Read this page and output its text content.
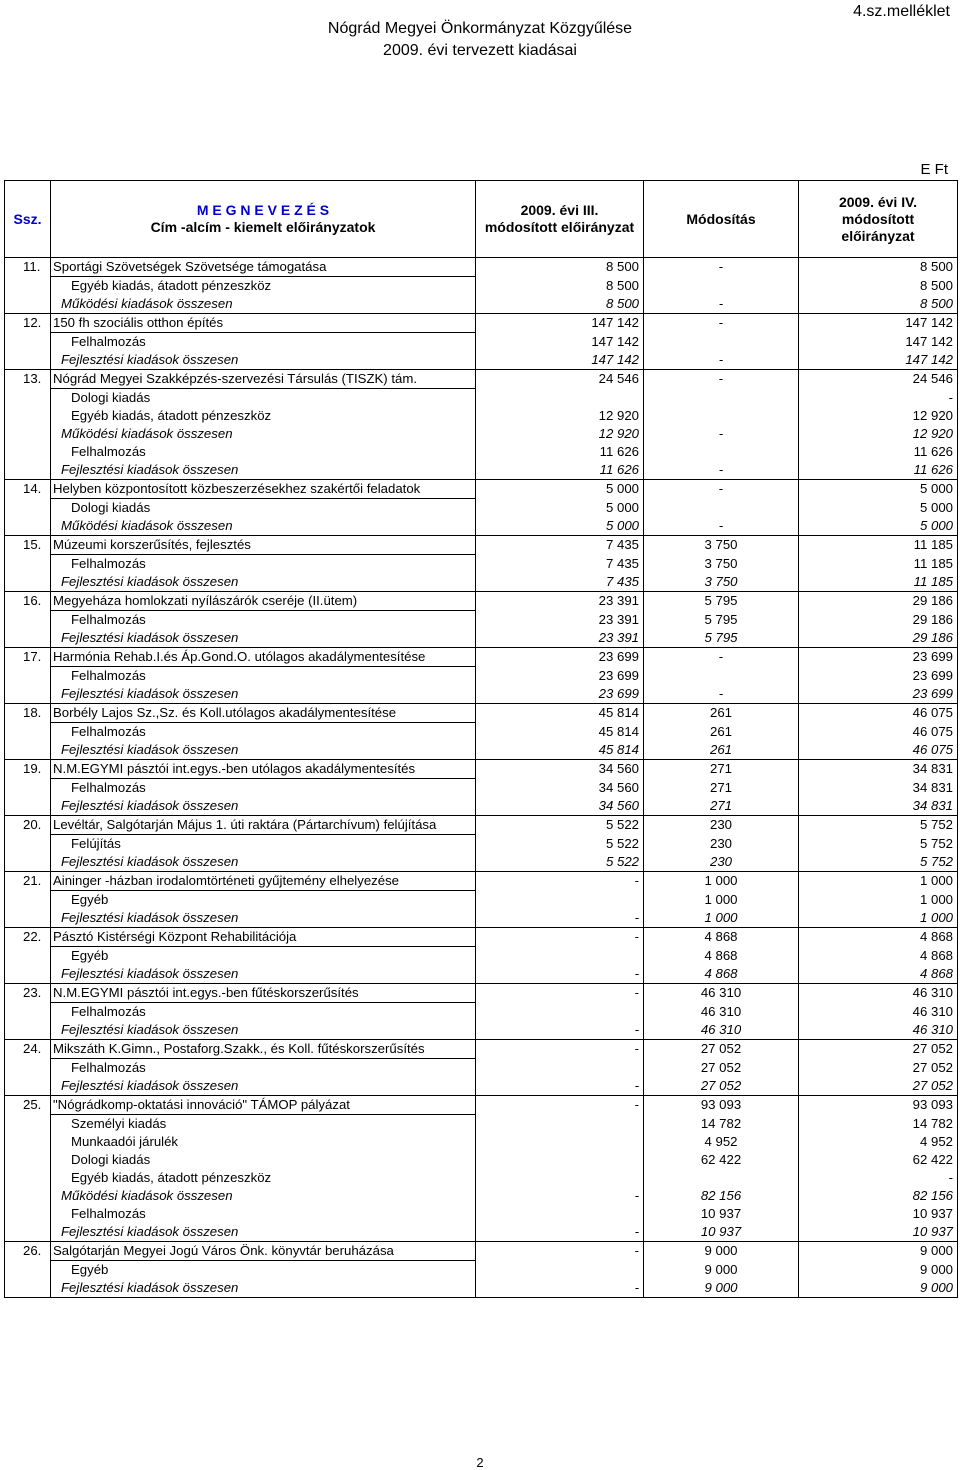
Nógrád Megyei Önkormányzat Közgyűlése
2009. évi tervezett kiadásai
4.sz.melléklet
E Ft
Ssz.	M E G N E V E Z É S
Cím -alcím - kiemelt előirányzatok	2009. évi III.
módosított előirányzat	Módosítás	2009. évi IV.
módosított
előirányzat
11.	Sportági Szövetségek Szövetsége támogatása	8 500	-	8 500
	Egyéb kiadás, átadott pénzeszköz	8 500		8 500
	Működési kiadások összesen	8 500	-	8 500
12.	150 fh szociális otthon építés	147 142	-	147 142
	Felhalmozás	147 142		147 142
	Fejlesztési kiadások összesen	147 142	-	147 142
13.	Nógrád Megyei Szakképzés-szervezési Társulás (TISZK) tám.	24 546	-	24 546
	Dologi kiadás			-
	Egyéb kiadás, átadott pénzeszköz	12 920		12 920
	Működési kiadások összesen	12 920	-	12 920
	Felhalmozás	11 626		11 626
	Fejlesztési kiadások összesen	11 626	-	11 626
14.	Helyben központosított közbeszerzésekhez szakértői feladatok	5 000	-	5 000
	Dologi kiadás	5 000		5 000
	Működési kiadások összesen	5 000	-	5 000
15.	Múzeumi korszerűsítés, fejlesztés	7 435	3 750	11 185
	Felhalmozás	7 435	3 750	11 185
	Fejlesztési kiadások összesen	7 435	3 750	11 185
16.	Megyeháza homlokzati nyílászárók cseréje (II.ütem)	23 391	5 795	29 186
	Felhalmozás	23 391	5 795	29 186
	Fejlesztési kiadások összesen	23 391	5 795	29 186
17.	Harmónia Rehab.I.és Áp.Gond.O. utólagos akadálymentesítése	23 699	-	23 699
	Felhalmozás	23 699		23 699
	Fejlesztési kiadások összesen	23 699	-	23 699
18.	Borbély Lajos Sz.,Sz. és Koll.utólagos akadálymentesítése	45 814	261	46 075
	Felhalmozás	45 814	261	46 075
	Fejlesztési kiadások összesen	45 814	261	46 075
19.	N.M.EGYMI pásztói int.egys.-ben utólagos akadálymentesítés	34 560	271	34 831
	Felhalmozás	34 560	271	34 831
	Fejlesztési kiadások összesen	34 560	271	34 831
20.	Levéltár, Salgótarján Május 1. úti raktára (Pártarchívum) felújítása	5 522	230	5 752
	Felújítás	5 522	230	5 752
	Fejlesztési kiadások összesen	5 522	230	5 752
21.	Aininger -házban irodalomtörténeti gyűjtemény elhelyezése	-	1 000	1 000
	Egyéb		1 000	1 000
	Fejlesztési kiadások összesen	-	1 000	1 000
22.	Pásztó Kistérségi Központ Rehabilitációja	-	4 868	4 868
	Egyéb		4 868	4 868
	Fejlesztési kiadások összesen	-	4 868	4 868
23.	N.M.EGYMI pásztói int.egys.-ben fűtéskorszerűsítés	-	46 310	46 310
	Felhalmozás		46 310	46 310
	Fejlesztési kiadások összesen	-	46 310	46 310
24.	Mikszáth K.Gimn., Postaforg.Szakk., és Koll. fűtéskorszerűsítés	-	27 052	27 052
	Felhalmozás		27 052	27 052
	Fejlesztési kiadások összesen	-	27 052	27 052
25.	"Nógrádkomp-oktatási innováció" TÁMOP pályázat	-	93 093	93 093
	Személyi kiadás		14 782	14 782
	Munkaadói járulék		4 952	4 952
	Dologi kiadás		62 422	62 422
	Egyéb kiadás, átadott pénzeszköz			-
	Működési kiadások összesen	-	82 156	82 156
	Felhalmozás		10 937	10 937
	Fejlesztési kiadások összesen	-	10 937	10 937
26.	Salgótarján Megyei Jogú Város Önk. könyvtár beruházása	-	9 000	9 000
	Egyéb		9 000	9 000
	Fejlesztési kiadások összesen	-	9 000	9 000
2
